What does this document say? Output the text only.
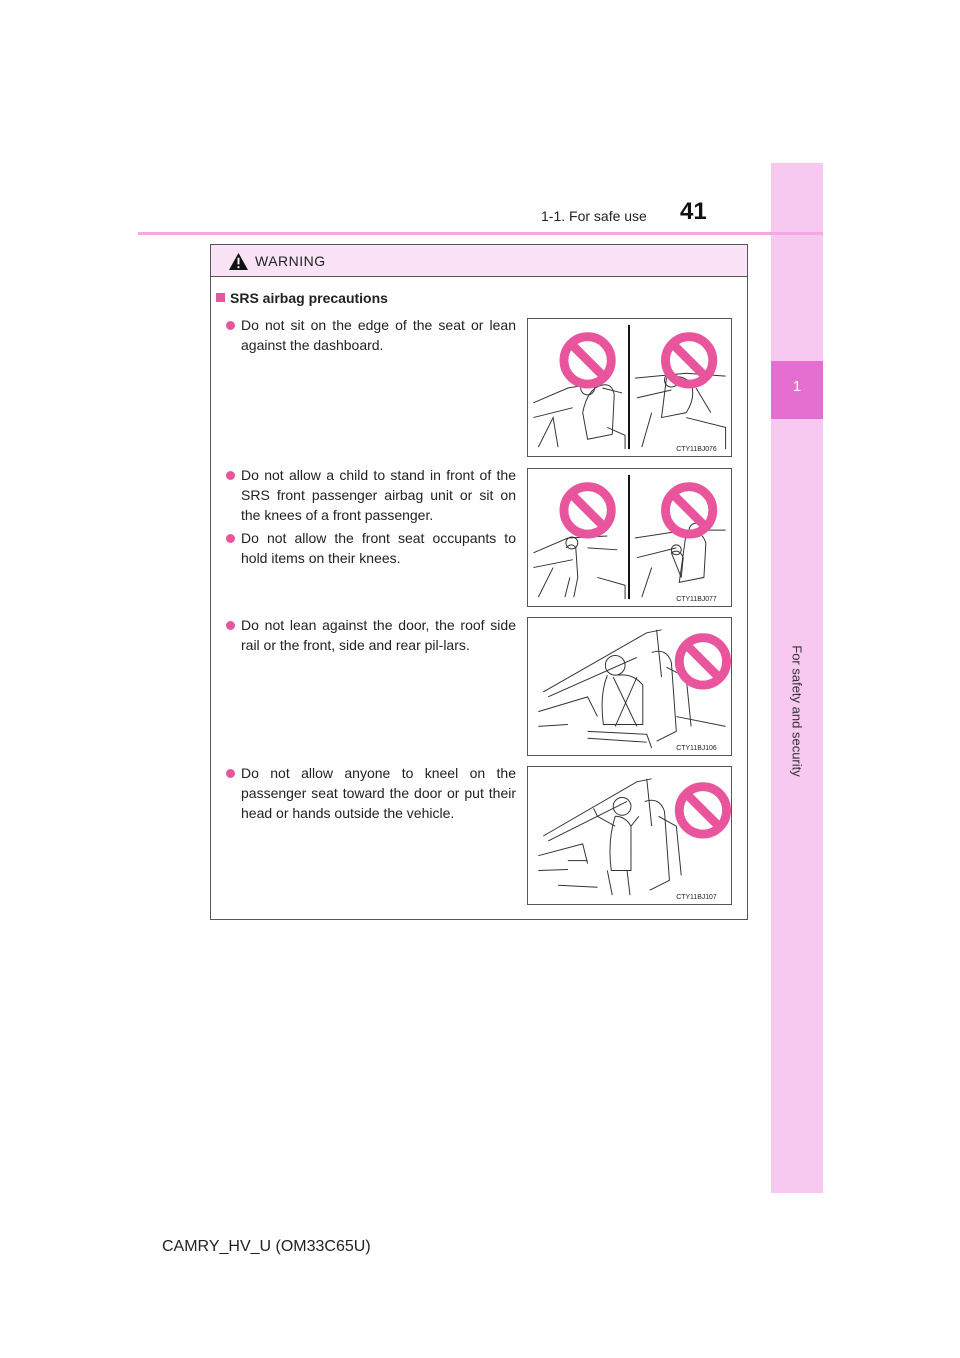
1
For safety and security
1-1. For safe use 41
WARNING
SRS airbag precautions
Do not sit on the edge of the seat or lean against the dashboard.
Do not allow a child to stand in front of the SRS front passenger airbag unit or sit on the knees of a front passenger.
Do not allow the front seat occupants to hold items on their knees.
Do not lean against the door, the roof side rail or the front, side and rear pil-lars.
Do not allow anyone to kneel on the passenger seat toward the door or put their head or hands outside the vehicle.
CTY11BJ076
CTY11BJ077
CTY11BJ106
CTY11BJ107
CAMRY_HV_U (OM33C65U)
